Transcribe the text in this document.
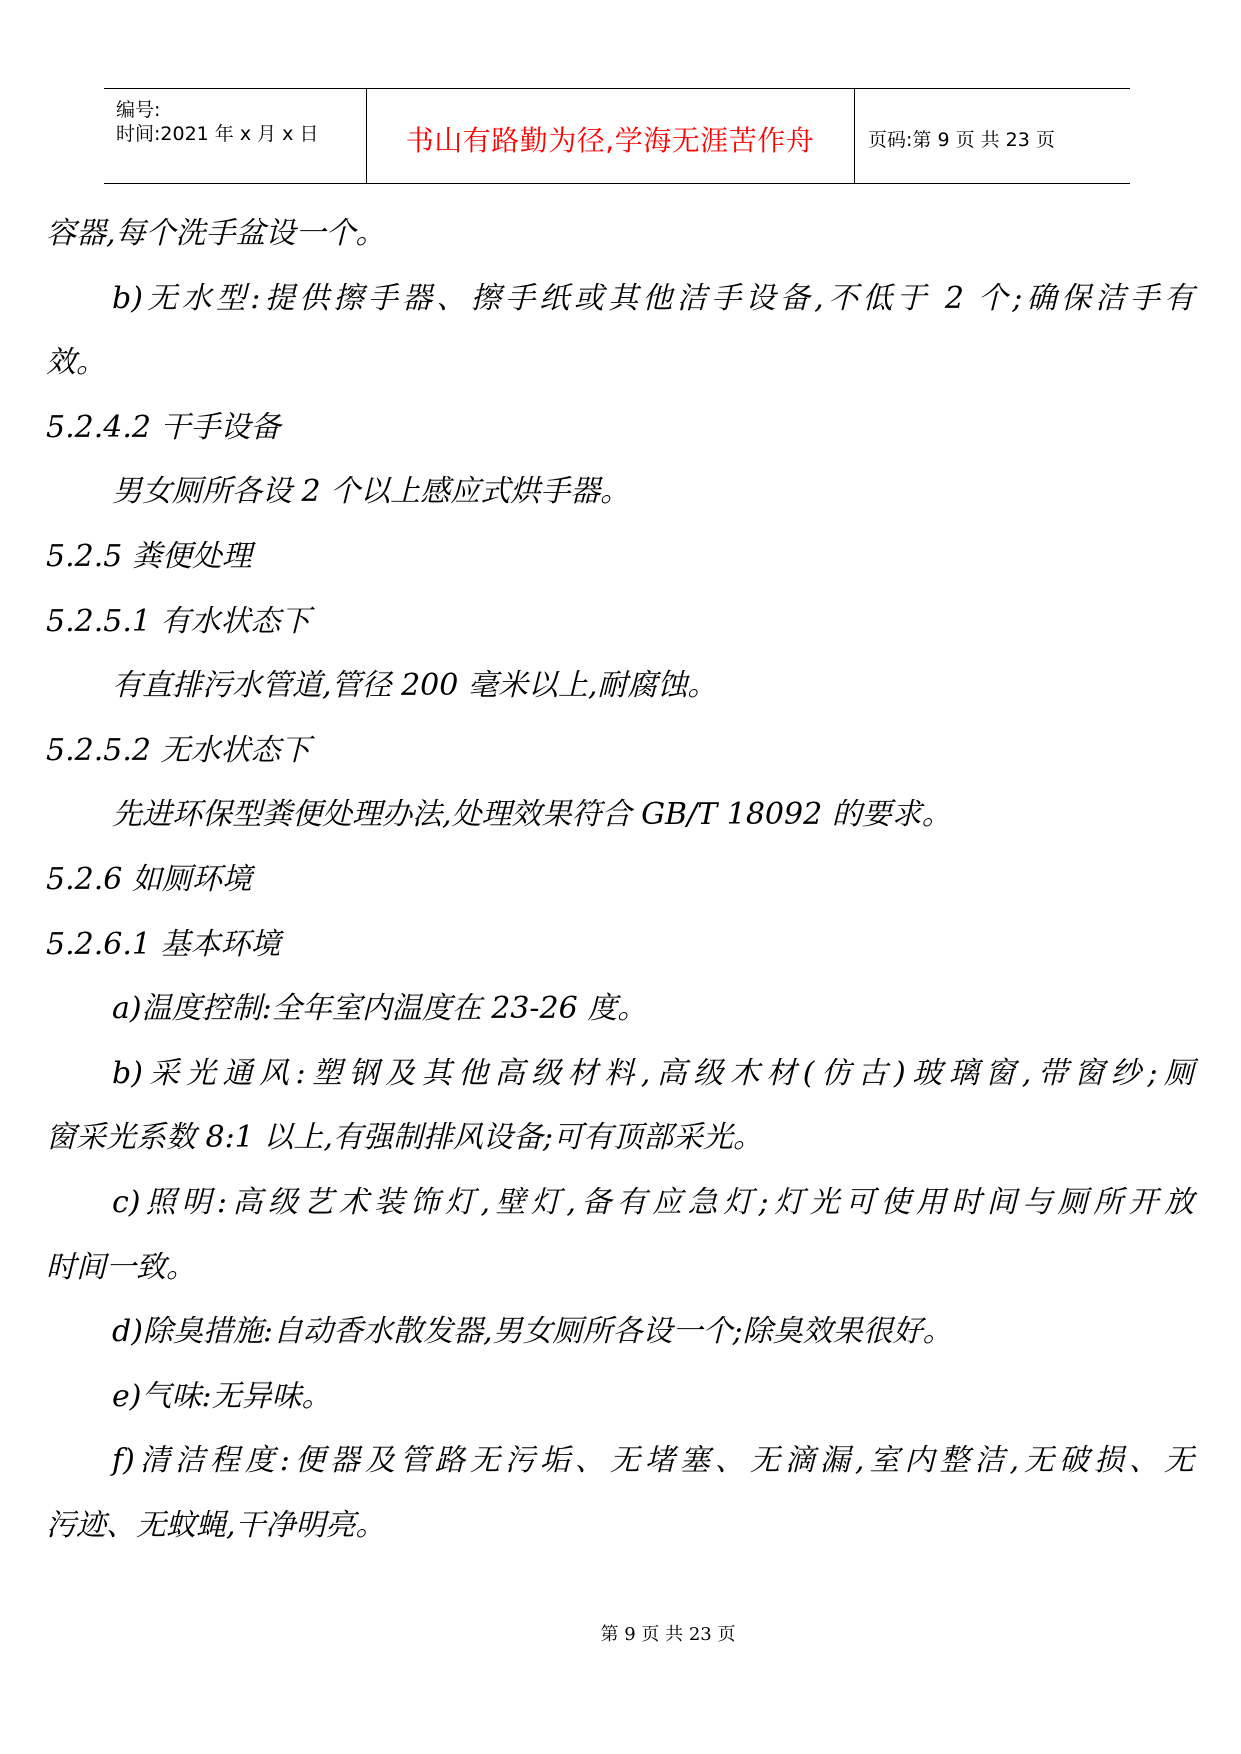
编号:
时间:2021 年 x 月 x 日	书山有路勤为径,学海无涯苦作舟	页码:第 9 页 共 23 页
容器,每个洗手盆设一个。
b)无水型:提供擦手器、擦手纸或其他洁手设备,不低于 2 个;确保洁手有
效。
5.2.4.2 干手设备
男女厕所各设 2 个以上感应式烘手器。
5.2.5 粪便处理
5.2.5.1 有水状态下
有直排污水管道,管径 200 毫米以上,耐腐蚀。
5.2.5.2 无水状态下
先进环保型粪便处理办法,处理效果符合 GB/T 18092 的要求。
5.2.6 如厕环境
5.2.6.1 基本环境
a)温度控制:全年室内温度在 23-26 度。
b)采光通风:塑钢及其他高级材料,高级木材(仿古)玻璃窗,带窗纱;厕
窗采光系数 8:1 以上,有强制排风设备;可有顶部采光。
c)照明:高级艺术装饰灯,壁灯,备有应急灯;灯光可使用时间与厕所开放
时间一致。
d)除臭措施:自动香水散发器,男女厕所各设一个;除臭效果很好。
e)气味:无异味。
f)清洁程度:便器及管路无污垢、无堵塞、无滴漏,室内整洁,无破损、无
污迹、无蚊蝇,干净明亮。
第 9 页 共 23 页
